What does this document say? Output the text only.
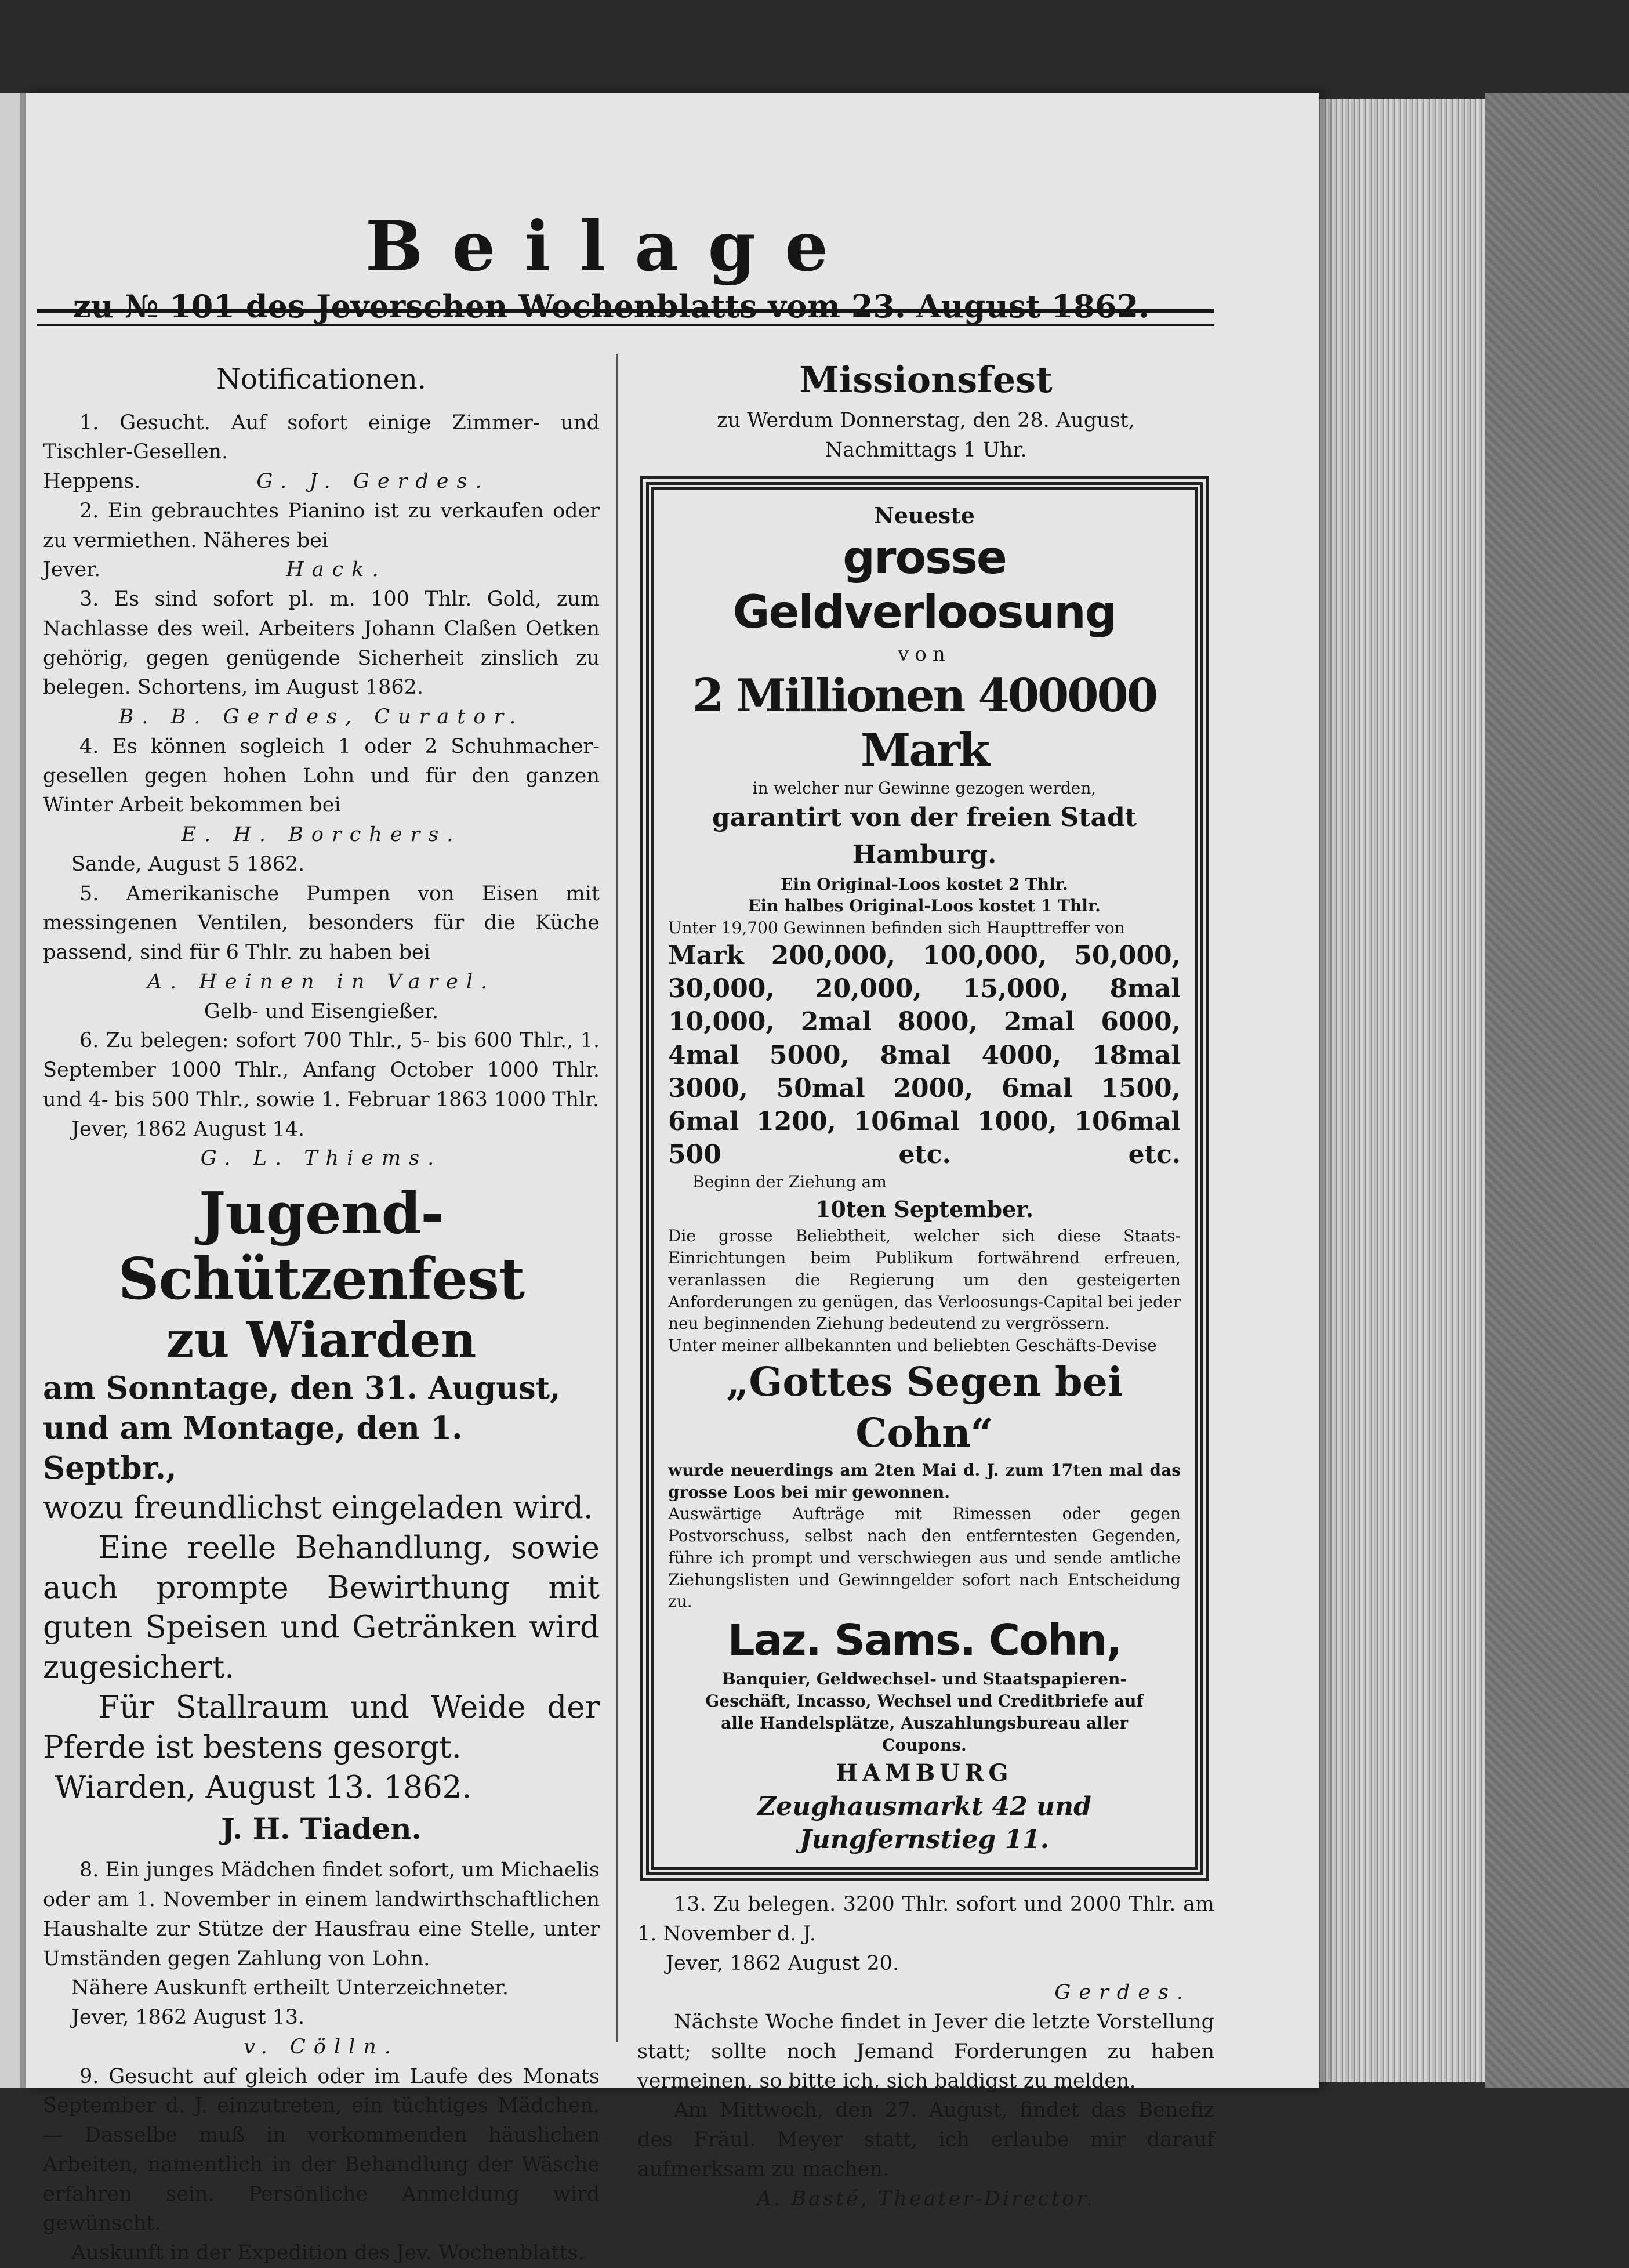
Beilage
zu № 101 des Jeverschen Wochenblatts vom 23. August 1862.
Notificationen.

1. Gesucht. Auf sofort einige Zimmer- und Tischler-Gesellen.

Heppens.	G. J. Gerdes.

2. Ein gebrauchtes Pianino ist zu verkaufen oder zu vermiethen. Näheres bei

Jever.	Hack.

3. Es sind sofort pl. m. 100 Thlr. Gold, zum Nachlasse des weil. Arbeiters Johann Claßen Oetken gehörig, gegen genügende Sicherheit zinslich zu belegen. Schortens, im August 1862.

B. B. Gerdes, Curator.

4. Es können sogleich 1 oder 2 Schuhmacher-gesellen gegen hohen Lohn und für den ganzen Winter Arbeit bekommen bei

E. H. Borchers.

Sande, August 5 1862.

5. Amerikanische Pumpen von Eisen mit messingenen Ventilen, besonders für die Küche passend, sind für 6 Thlr. zu haben bei

A. Heinen in Varel.

Gelb- und Eisengießer.

6. Zu belegen: sofort 700 Thlr., 5- bis 600 Thlr., 1. September 1000 Thlr., Anfang October 1000 Thlr. und 4- bis 500 Thlr., sowie 1. Februar 1863 1000 Thlr.

Jever, 1862 August 14.

G. L. Thiems.

Jugend-Schützenfest
zu Wiarden

am Sonntage, den 31. August,

und am Montage, den 1. Septbr.,

wozu freundlichst eingeladen wird.

Eine reelle Behandlung, sowie auch prompte Bewirthung mit guten Speisen und Getränken wird zugesichert.

Für Stallraum und Weide der Pferde ist bestens gesorgt.

Wiarden, August 13. 1862.

J. H. Tiaden.

8. Ein junges Mädchen findet sofort, um Michaelis oder am 1. November in einem landwirthschaftlichen Haushalte zur Stütze der Hausfrau eine Stelle, unter Umständen gegen Zahlung von Lohn.

Nähere Auskunft ertheilt Unterzeichneter.

Jever, 1862 August 13.

v. Cölln.

9. Gesucht auf gleich oder im Laufe des Monats September d. J. einzutreten, ein tüchtiges Mädchen. — Dasselbe muß in vorkommenden häuslichen Arbeiten, namentlich in der Behandlung der Wäsche erfahren sein. Persönliche Anmeldung wird gewünscht.

Auskunft in der Expedition des Jev. Wochenblatts.

Missionsfest
zu Werdum Donnerstag, den 28. August,
Nachmittags 1 Uhr.

Neueste

grosse Geldverloosung

von

2 Millionen 400000 Mark

in welcher nur Gewinne gezogen werden,

garantirt von der freien Stadt Hamburg.

Ein Original-Loos kostet 2 Thlr.

Ein halbes Original-Loos kostet 1 Thlr.

Unter 19,700 Gewinnen befinden sich Haupttreffer von

Mark 200,000, 100,000, 50,000, 30,000, 20,000, 15,000, 8mal 10,000, 2mal 8000, 2mal 6000, 4mal 5000, 8mal 4000, 18mal 3000, 50mal 2000, 6mal 1500, 6mal 1200, 106mal 1000, 106mal 500 etc. etc.

Beginn der Ziehung am

10ten September.

Die grosse Beliebtheit, welcher sich diese Staats-Einrichtungen beim Publikum fortwährend erfreuen, veranlassen die Regierung um den gesteigerten Anforderungen zu genügen, das Verloosungs-Capital bei jeder neu beginnenden Ziehung bedeutend zu vergrössern.

Unter meiner allbekannten und beliebten Geschäfts-Devise

„Gottes Segen bei Cohn“

wurde neuerdings am 2ten Mai d. J. zum 17ten mal das grosse Loos bei mir gewonnen.

Auswärtige Aufträge mit Rimessen oder gegen Postvorschuss, selbst nach den entferntesten Gegenden, führe ich prompt und verschwiegen aus und sende amtliche Ziehungslisten und Gewinngelder sofort nach Entscheidung zu.

Laz. Sams. Cohn,

Banquier, Geldwechsel- und Staatspapieren-Geschäft, Incasso, Wechsel und Creditbriefe auf alle Handelsplätze, Auszahlungsbureau aller Coupons.

HAMBURG

Zeughausmarkt 42 und

Jungfernstieg 11.

13. Zu belegen. 3200 Thlr. sofort und 2000 Thlr. am 1. November d. J.

Jever, 1862 August 20.

Gerdes.

Nächste Woche findet in Jever die letzte Vorstellung statt; sollte noch Jemand Forderungen zu haben vermeinen, so bitte ich, sich baldigst zu melden.

Am Mittwoch, den 27. August, findet das Benefiz des Fräul. Meyer statt, ich erlaube mir darauf aufmerksam zu machen.

A. Basté, Theater-Director.
